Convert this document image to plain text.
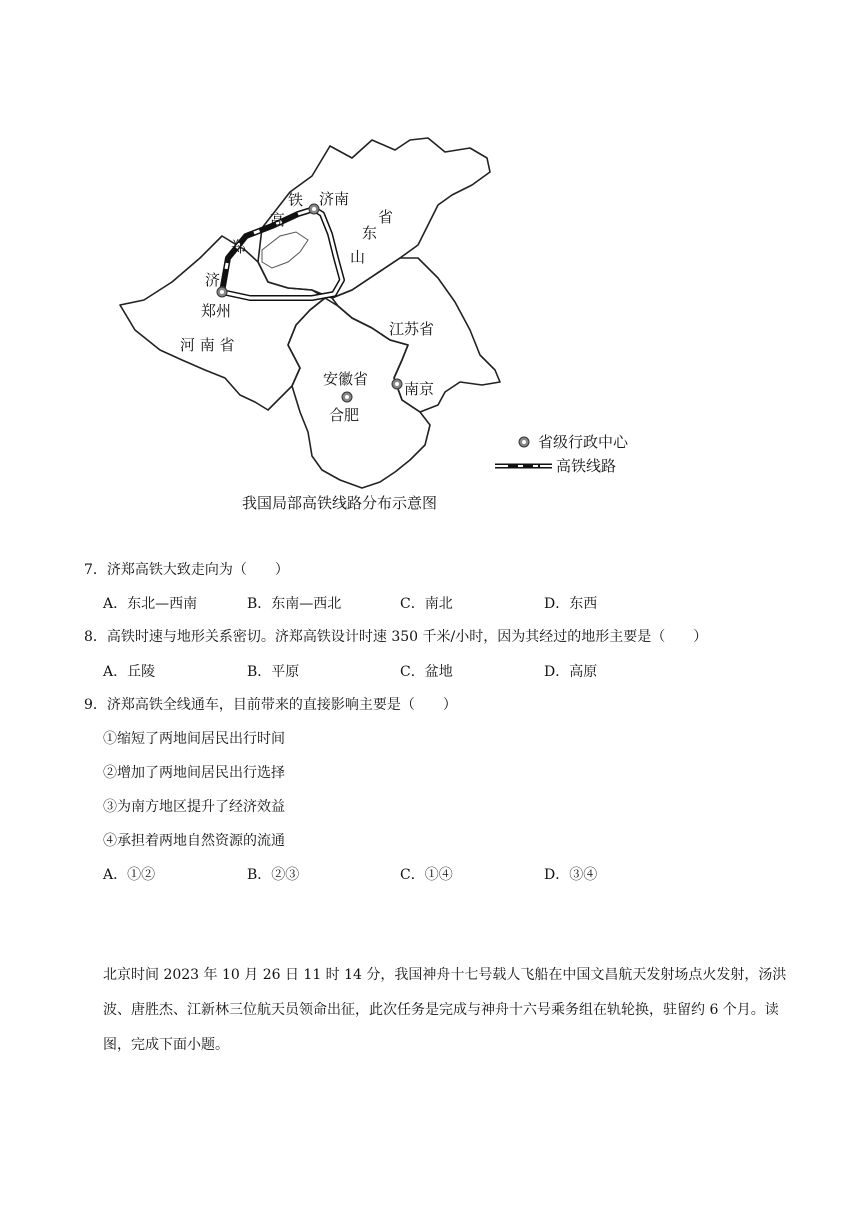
济南
省
东
山
铁
高
郑
济
郑州
河 南 省
江苏省
安徽省
南京
合肥
省级行政中心
高铁线路
我国局部高铁线路分布示意图
7．济郑高铁大致走向为（　　）
A．东北—西南	B．东南—西北	C．南北	D．东西
8．高铁时速与地形关系密切。济郑高铁设计时速 350 千米/小时，因为其经过的地形主要是（　　）
A．丘陵	B．平原	C．盆地	D．高原
9．济郑高铁全线通车，目前带来的直接影响主要是（　　）
①缩短了两地间居民出行时间
②增加了两地间居民出行选择
③为南方地区提升了经济效益
④承担着两地自然资源的流通
A．①②	B．②③	C．①④	D．③④

北京时间 2023 年 10 月 26 日 11 时 14 分，我国神舟十七号载人飞船在中国文昌航天发射场点火发射，汤洪波、唐胜杰、江新林三位航天员领命出征，此次任务是完成与神舟十六号乘务组在轨轮换，驻留约 6 个月。读图，完成下面小题。
